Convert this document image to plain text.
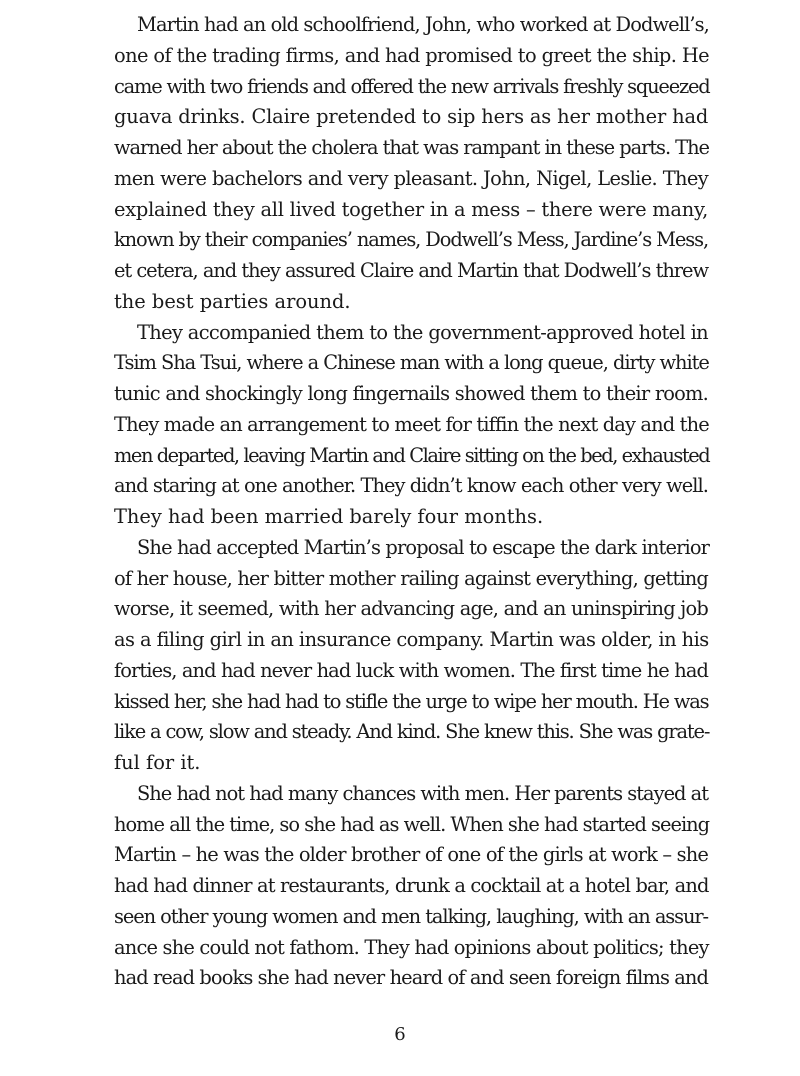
Martin had an old schoolfriend, John, who worked at Dodwell’s,
one of the trading firms, and had promised to greet the ship. He
came with two friends and offered the new arrivals freshly squeezed
guava drinks. Claire pretended to sip hers as her mother had
warned her about the cholera that was rampant in these parts. The
men were bachelors and very pleasant. John, Nigel, Leslie. They
explained they all lived together in a mess – there were many,
known by their companies’ names, Dodwell’s Mess, Jardine’s Mess,
et cetera, and they assured Claire and Martin that Dodwell’s threw
the best parties around.
They accompanied them to the government-approved hotel in
Tsim Sha Tsui, where a Chinese man with a long queue, dirty white
tunic and shockingly long fingernails showed them to their room.
They made an arrangement to meet for tiffin the next day and the
men departed, leaving Martin and Claire sitting on the bed, exhausted
and staring at one another. They didn’t know each other very well.
They had been married barely four months.
She had accepted Martin’s proposal to escape the dark interior
of her house, her bitter mother railing against everything, getting
worse, it seemed, with her advancing age, and an uninspiring job
as a filing girl in an insurance company. Martin was older, in his
forties, and had never had luck with women. The first time he had
kissed her, she had had to stifle the urge to wipe her mouth. He was
like a cow, slow and steady. And kind. She knew this. She was grate-
ful for it.
She had not had many chances with men. Her parents stayed at
home all the time, so she had as well. When she had started seeing
Martin – he was the older brother of one of the girls at work – she
had had dinner at restaurants, drunk a cocktail at a hotel bar, and
seen other young women and men talking, laughing, with an assur-
ance she could not fathom. They had opinions about politics; they
had read books she had never heard of and seen foreign films and
6
